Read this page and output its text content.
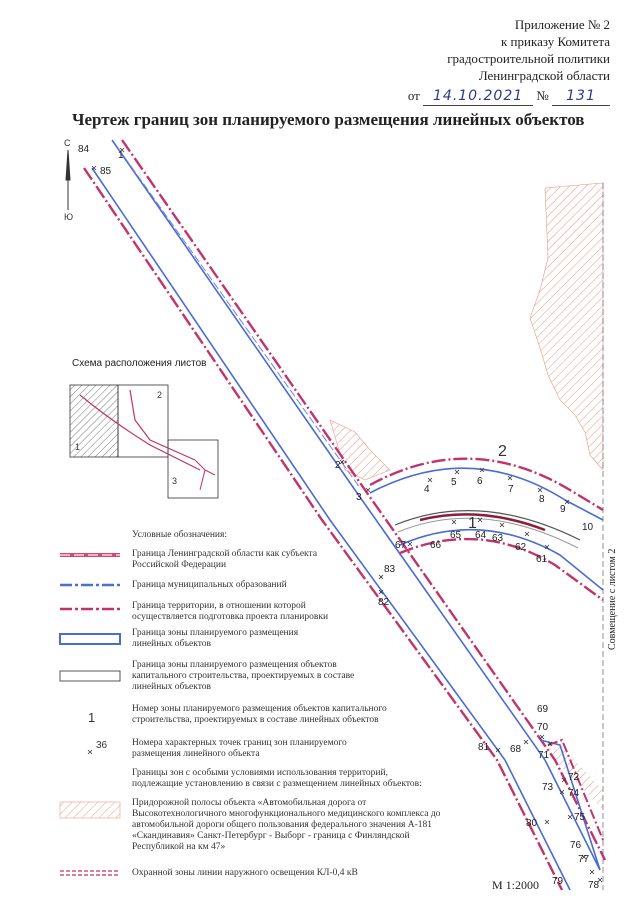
Приложение № 2
к приказу Комитета
градостроительной политики
Ленинградской области
от 14.10.2021 № 131
Чертеж границ зон планируемого размещения линейных объектов
1
2
3
4
5 6
7
8
9
10
61
62
63
64
65
66
67
83
82
81 68
69
70
71
72
73
74
75
80
76
77
78
79
84
85
1
2
С
Ю
Схема расположения листов
1
2
3
1
36
Совмещение с листом 2
Условные обозначения:
Граница Ленинградской области как субъекта Российской Федерации
Граница муниципальных образований
Граница территории, в отношении которой осуществляется подготовка проекта планировки
Граница зоны планируемого размещения линейных объектов
Граница зоны планируемого размещения объектов капитального строительства, проектируемых в составе линейных объектов
Номер зоны планируемого размещения объектов капитального строительства, проектируемых в составе линейных объектов
Номера характерных точек границ зон планируемого размещения линейного объекта
Границы зон с особыми условиями использования территорий, подлежащие установлению в связи с размещением линейных объектов:
Придорожной полосы объекта «Автомобильная дорога от Высокотехнологичного многофункционального медицинского комплекса до автомобильной дороги общего пользования федерального значения А-181 «Скандинавия» Санкт-Петербург - Выборг - граница с Финляндской Республикой на км 47»
Охранной зоны линии наружного освещения КЛ-0,4 кВ
М 1:2000
